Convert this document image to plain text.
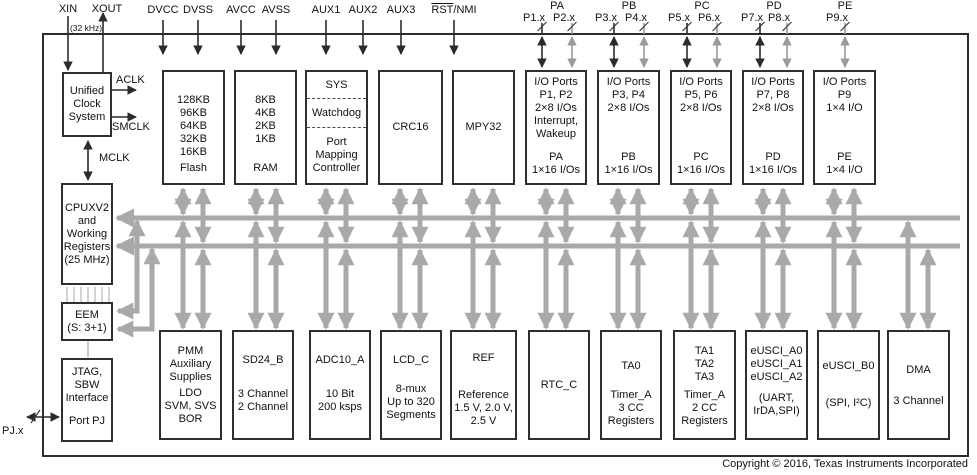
XIN XOUT
(32 kHz)
DVCC DVSS AVCC AVSS AUX1 AUX2 AUX3 $\overline{RST}$/NMI	PA	PB	PC	PD	PE
P1.x P2.x P3.x P4.x P5.x P6.x P7.x P8.x	P9.x
ACLK
SMCLK
MCLK
PJ.x
Unified
Clock
System
CPUXV2
and
Working
Registers
(25 MHz)
EEM
(S: 3+1)
JTAG,
SBW
Interface
Port PJ
128KB
96KB
64KB
32KB
16KB
Flash
8KB
4KB
2KB
1KB
RAM
SYS
Watchdog
Port
Mapping
Controller
CRC16	MPY32
I/O Ports
P1, P2
2×8 I/Os
Interrupt,
Wakeup
PA
1×16 I/Os
I/O Ports
P3, P4
2×8 I/Os
PB
1×16 I/Os
I/O Ports
P5, P6
2×8 I/Os
PC
1×16 I/Os
I/O Ports
P7, P8
2×8 I/Os
PD
1×16 I/Os
I/O Ports
P9
1×4 I/O
PE
1×4 I/O
PMM
Auxiliary
Supplies
LDO
SVM, SVS
BOR
SD24_B
3 Channel
2 Channel
ADC10_A
10 Bit
200 ksps
LCD_C
8-mux
Up to 320
Segments
REF
Reference
1.5 V, 2.0 V,
2.5 V
RTC_C
TA0
Timer_A
3 CC
Registers
TA1
TA2
TA3
Timer_A
2 CC
Registers
eUSCI_A0
eUSCI_A1
eUSCI_A2
(UART,
IrDA,SPI)
eUSCI_B0
(SPI, I²C)
DMA
3 Channel
Copyright © 2016, Texas Instruments Incorporated
